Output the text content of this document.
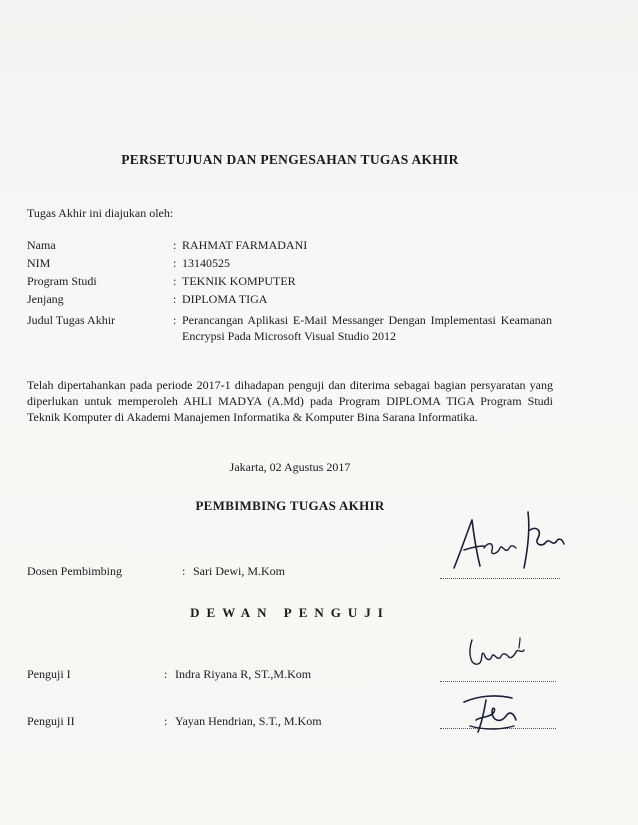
PERSETUJUAN DAN PENGESAHAN TUGAS AKHIR
Tugas Akhir ini diajukan oleh:
Nama	: RAHMAT FARMADANI
NIM	: 13140525
Program Studi	: TEKNIK KOMPUTER
Jenjang	: DIPLOMA TIGA
Judul Tugas Akhir	: Perancangan Aplikasi E-Mail Messanger Dengan Implementasi Keamanan Encrypsi Pada Microsoft Visual Studio 2012
Telah dipertahankan pada periode 2017-1 dihadapan penguji dan diterima sebagai bagian persyaratan yang diperlukan untuk memperoleh AHLI MADYA (A.Md) pada Program DIPLOMA TIGA Program Studi Teknik Komputer di Akademi Manajemen Informatika & Komputer Bina Sarana Informatika.
Jakarta, 02 Agustus 2017
PEMBIMBING TUGAS AKHIR
Dosen Pembimbing	: Sari Dewi, M.Kom
DEWAN PENGUJI
Penguji I	: Indra Riyana R, ST.,M.Kom
Penguji II	: Yayan Hendrian, S.T., M.Kom
